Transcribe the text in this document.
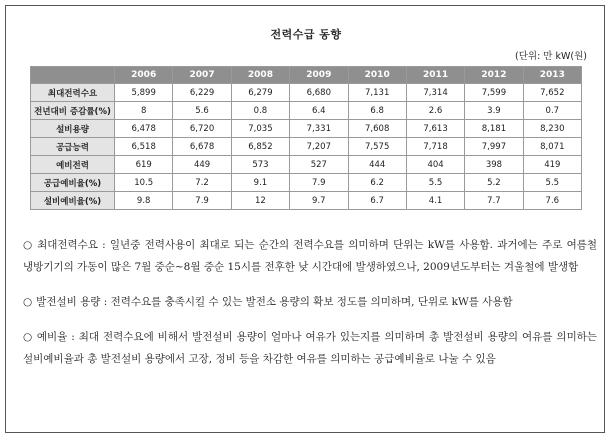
전력수급 동향
(단위: 만 kW(원)
	2006	2007	2008	2009	2010	2011	2012	2013
최대전력수요	5,899	6,229	6,279	6,680	7,131	7,314	7,599	7,652
전년대비 증감률(%)	8	5.6	0.8	6.4	6.8	2.6	3.9	0.7
설비용량	6,478	6,720	7,035	7,331	7,608	7,613	8,181	8,230
공급능력	6,518	6,678	6,852	7,207	7,575	7,718	7,997	8,071
예비전력	619	449	573	527	444	404	398	419
공급예비율(%)	10.5	7.2	9.1	7.9	6.2	5.5	5.2	5.5
설비예비율(%)	9.8	7.9	12	9.7	6.7	4.1	7.7	7.6

○ 최대전력수요 : 일년중 전력사용이 최대로 되는 순간의 전력수요를 의미하며 단위는 kW를 사용함. 과거에는 주로 여름철 냉방기기의 가동이 많은 7월 중순~8월 중순 15시를 전후한 낮 시간대에 발생하였으나, 2009년도부터는 겨울철에 발생함

○ 발전설비 용량 : 전력수요를 충족시킬 수 있는 발전소 용량의 확보 정도를 의미하며, 단위로 kW를 사용함

○ 예비율 : 최대 전력수요에 비해서 발전설비 용량이 얼마나 여유가 있는지를 의미하며 총 발전설비 용량의 여유를 의미하는 설비예비율과 총 발전설비 용량에서 고장, 정비 등을 차감한 여유를 의미하는 공급예비율로 나눌 수 있음
